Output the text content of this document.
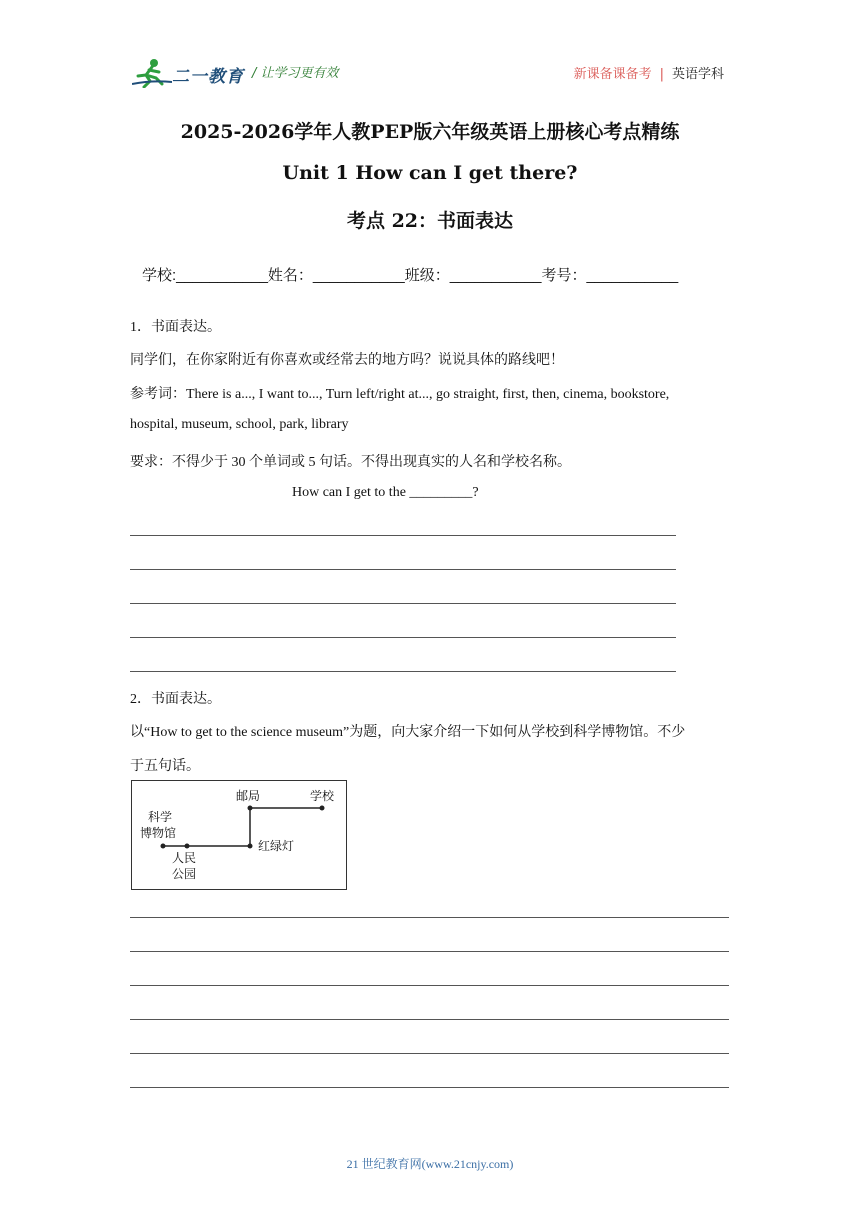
二一教育 / 让学习更有效	新课备课备考 | 英语学科
2025-2026学年人教PEP版六年级英语上册核心考点精练
Unit 1 How can I get there?
考点 22：书面表达
学校:___________姓名：___________班级：___________考号：___________
1．书面表达。
同学们，在你家附近有你喜欢或经常去的地方吗？说说具体的路线吧！
参考词：There is a..., I want to..., Turn left/right at..., go straight, first, then, cinema, bookstore,
hospital, museum, school, park, library
要求：不得少于 30 个单词或 5 句话。不得出现真实的人名和学校名称。
How can I get to the _________?
2．书面表达。
以“How to get to the science museum”为题，向大家介绍一下如何从学校到科学博物馆。不少
于五句话。
邮局	学校
科学
博物馆
红绿灯
人民
公园
21 世纪教育网(www.21cnjy.com)
